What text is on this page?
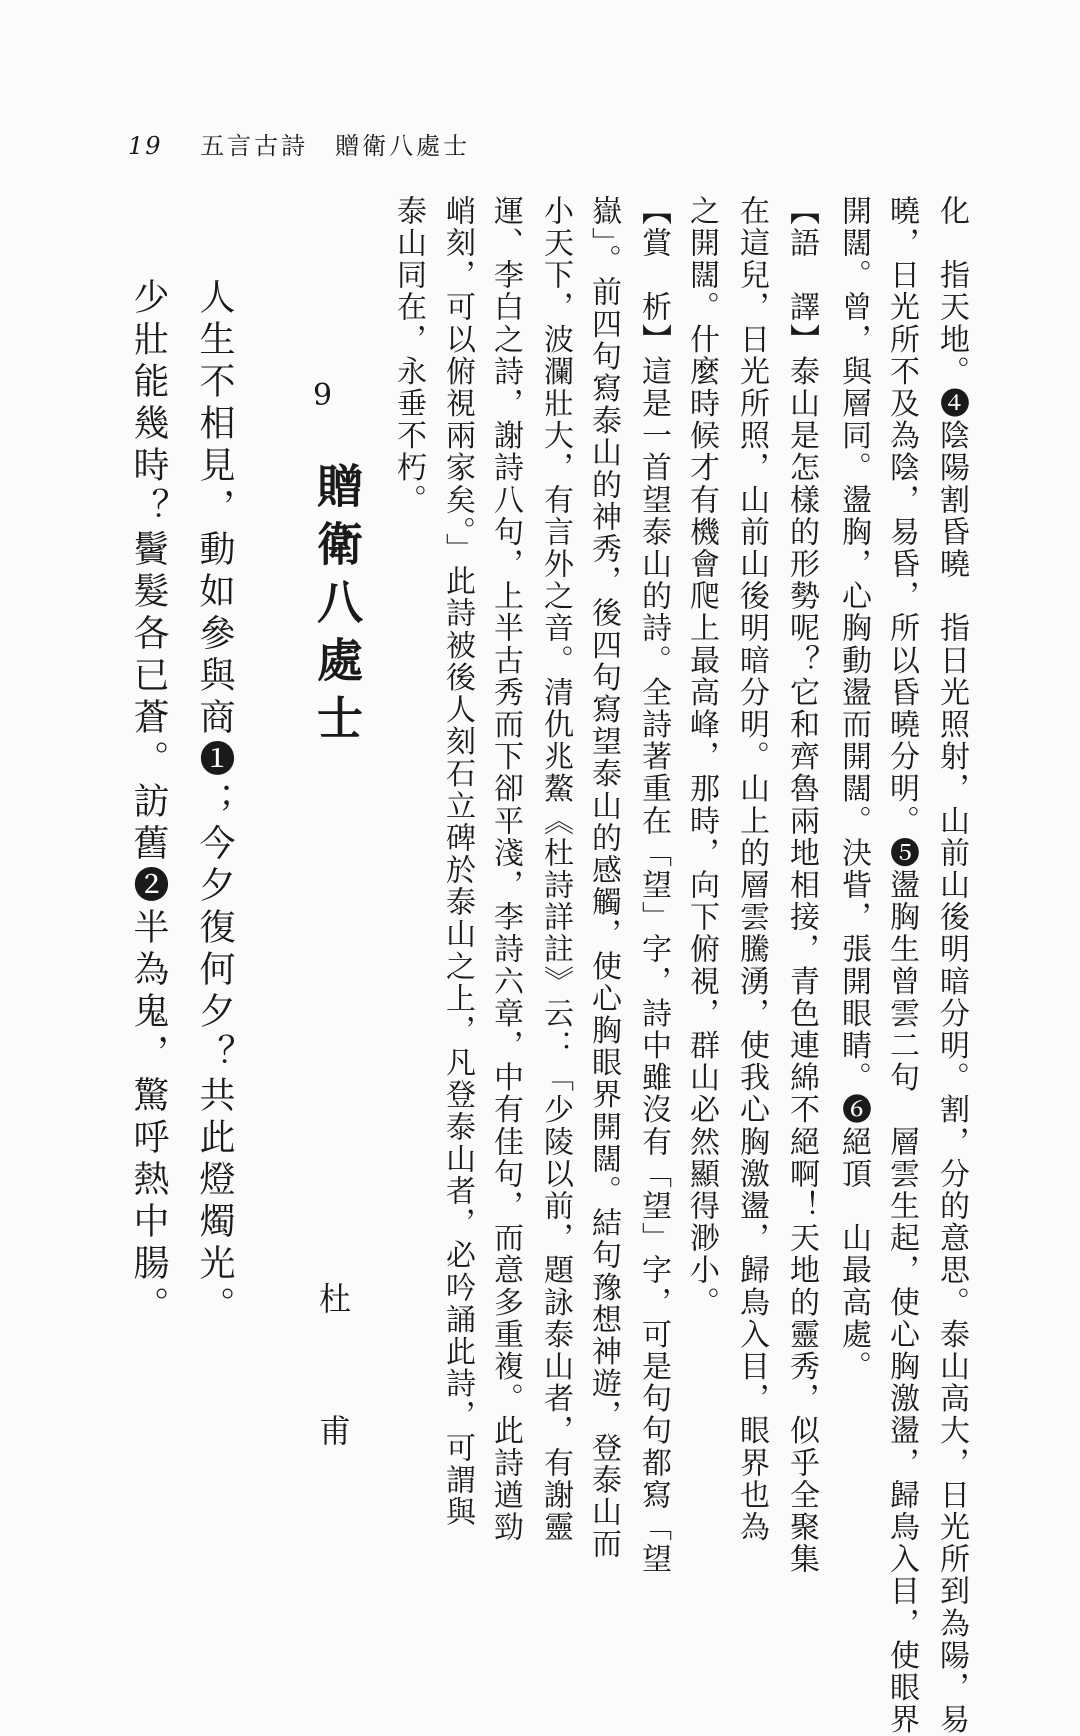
19 五言古詩　贈衛八處士
化　指天地。❹陰陽割昏曉　指日光照射，山前山後明暗分明。割，分的意思。泰山高大，日光所到為陽，易
曉，日光所不及為陰，易昏，所以昏曉分明。❺盪胸生曾雲二句　層雲生起，使心胸激盪，歸鳥入目，使眼界
開闊。曾，與層同。盪胸，心胸動盪而開闊。決眥，張開眼睛。❻絕頂　山最高處。
【語　譯】泰山是怎樣的形勢呢？它和齊魯兩地相接，青色連綿不絕啊！天地的靈秀，似乎全聚集
在這兒，日光所照，山前山後明暗分明。山上的層雲騰湧，使我心胸激盪，歸鳥入目，眼界也為
之開闊。什麼時候才有機會爬上最高峰，那時，向下俯視，群山必然顯得渺小。
【賞　析】這是一首望泰山的詩。全詩著重在「望」字，詩中雖沒有「望」字，可是句句都寫「望
嶽」。前四句寫泰山的神秀，後四句寫望泰山的感觸，使心胸眼界開闊。結句豫想神遊，登泰山而
小天下，波瀾壯大，有言外之音。清仇兆鰲《杜詩詳註》云：「少陵以前，題詠泰山者，有謝靈
運、李白之詩，謝詩八句，上半古秀而下卻平淺，李詩六章，中有佳句，而意多重複。此詩遒勁
峭刻，可以俯視兩家矣。」此詩被後人刻石立碑於泰山之上，凡登泰山者，必吟誦此詩，可謂與
泰山同在，永垂不朽。
9
贈衛八處士
杜　甫
人生不相見，動如參與商❶；今夕復何夕？共此燈燭光。
少壯能幾時？鬢髮各已蒼。訪舊❷半為鬼，驚呼熱中腸。
